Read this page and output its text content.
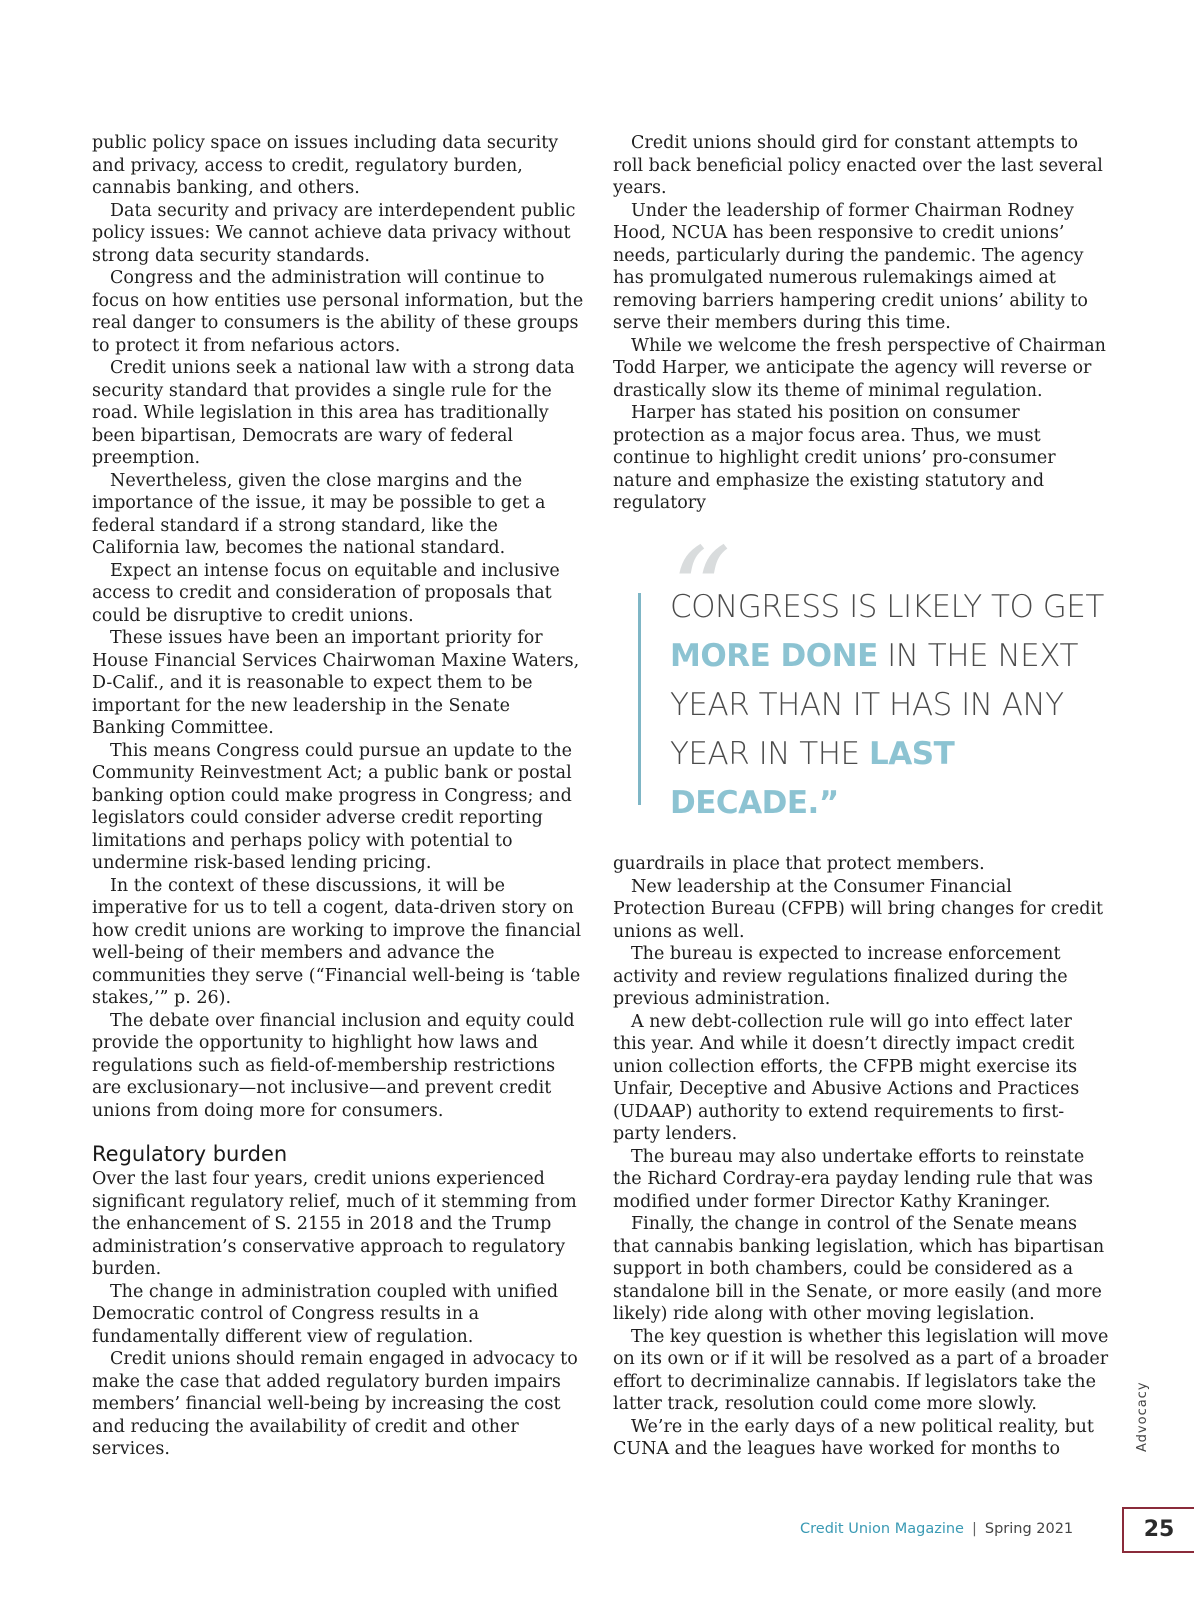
public policy space on issues including data security and privacy, access to credit, regulatory burden, cannabis banking, and others.

Data security and privacy are interdependent public policy issues: We cannot achieve data privacy without strong data security standards.

Congress and the administration will continue to focus on how entities use personal information, but the real danger to consumers is the ability of these groups to protect it from nefarious actors.

Credit unions seek a national law with a strong data security standard that provides a single rule for the road. While legislation in this area has traditionally been bipartisan, Democrats are wary of federal preemption.

Nevertheless, given the close margins and the importance of the issue, it may be possible to get a federal standard if a strong standard, like the California law, becomes the national standard.

Expect an intense focus on equitable and inclusive access to credit and consideration of proposals that could be disruptive to credit unions.

These issues have been an important priority for House Financial Services Chairwoman Maxine Waters, D-Calif., and it is reasonable to expect them to be important for the new leadership in the Senate Banking Committee.

This means Congress could pursue an update to the Community Reinvestment Act; a public bank or postal banking option could make progress in Congress; and legislators could consider adverse credit reporting limitations and perhaps policy with potential to undermine risk-based lending pricing.

In the context of these discussions, it will be imperative for us to tell a cogent, data-driven story on how credit unions are working to improve the financial well-being of their members and advance the communities they serve (“Financial well-being is ‘table stakes,’” p. 26).

The debate over financial inclusion and equity could provide the opportunity to highlight how laws and regulations such as field-of-membership restrictions are exclusionary—not inclusive—and prevent credit unions from doing more for consumers.

Regulatory burden

Over the last four years, credit unions experienced significant regulatory relief, much of it stemming from the enhancement of S. 2155 in 2018 and the Trump administration’s conservative approach to regulatory burden.

The change in administration coupled with unified Democratic control of Congress results in a fundamentally different view of regulation.

Credit unions should remain engaged in advocacy to make the case that added regulatory burden impairs members’ financial well-being by increasing the cost and reducing the availability of credit and other services.

Credit unions should gird for constant attempts to roll back beneficial policy enacted over the last several years.

Under the leadership of former Chairman Rodney Hood, NCUA has been responsive to credit unions’ needs, particularly during the pandemic. The agency has promulgated numerous rulemakings aimed at removing barriers hampering credit unions’ ability to serve their members during this time.

While we welcome the fresh perspective of Chairman Todd Harper, we anticipate the agency will reverse or drastically slow its theme of minimal regulation.

Harper has stated his position on consumer protection as a major focus area. Thus, we must continue to highlight credit unions’ pro-consumer nature and emphasize the existing statutory and regulatory

“
CONGRESS IS LIKELY TO GET MORE DONE IN THE NEXT YEAR THAN IT HAS IN ANY YEAR IN THE LAST DECADE.”

guardrails in place that protect members.

New leadership at the Consumer Financial Protection Bureau (CFPB) will bring changes for credit unions as well.

The bureau is expected to increase enforcement activity and review regulations finalized during the previous administration.

A new debt-collection rule will go into effect later this year. And while it doesn’t directly impact credit union collection efforts, the CFPB might exercise its Unfair, Deceptive and Abusive Actions and Practices (UDAAP) authority to extend requirements to first-party lenders.

The bureau may also undertake efforts to reinstate the Richard Cordray-era payday lending rule that was modified under former Director Kathy Kraninger.

Finally, the change in control of the Senate means that cannabis banking legislation, which has bipartisan support in both chambers, could be considered as a standalone bill in the Senate, or more easily (and more likely) ride along with other moving legislation.

The key question is whether this legislation will move on its own or if it will be resolved as a part of a broader effort to decriminalize cannabis. If legislators take the latter track, resolution could come more slowly.

We’re in the early days of a new political reality, but CUNA and the leagues have worked for months to	Advocacy
Credit Union Magazine | Spring 2021	25
